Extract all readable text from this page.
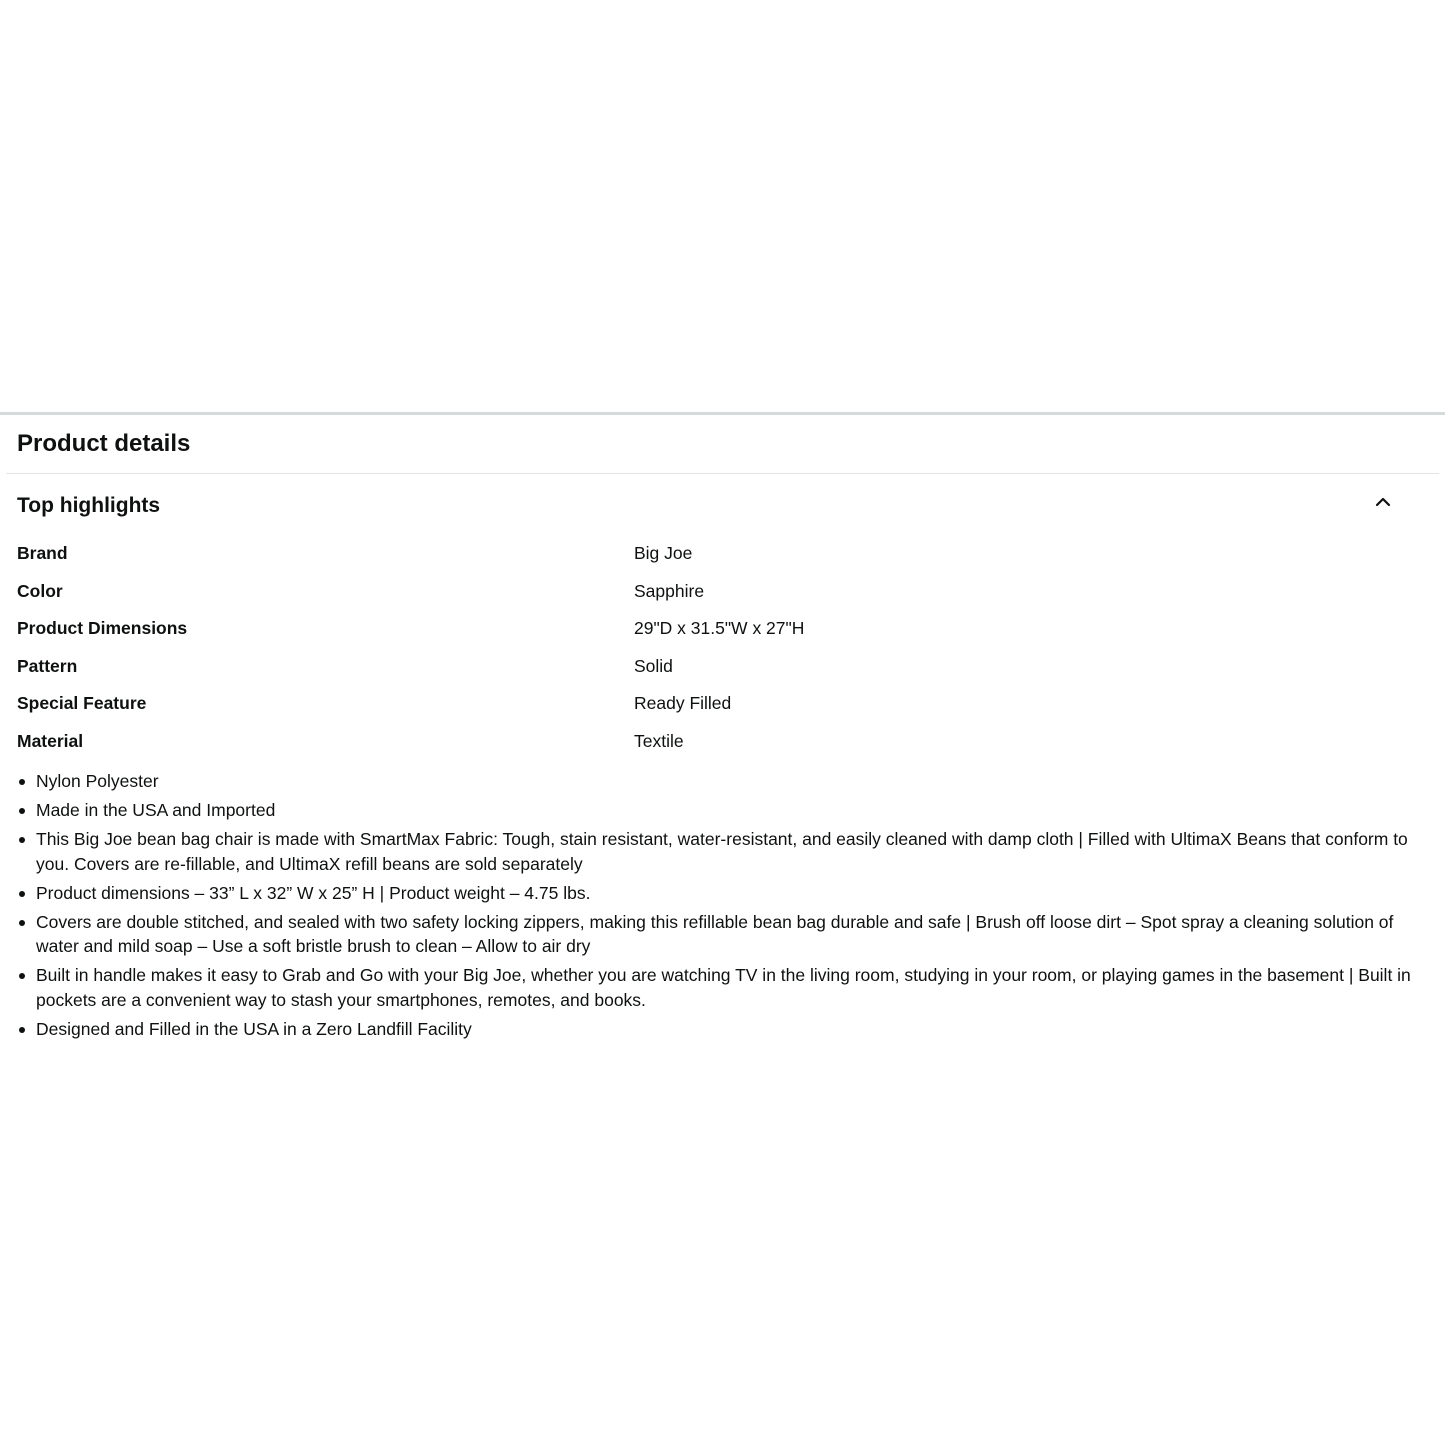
Product details
Top highlights
Brand	Big Joe
Color	Sapphire
Product Dimensions	29"D x 31.5"W x 27"H
Pattern	Solid
Special Feature	Ready Filled
Material	Textile
Nylon Polyester
Made in the USA and Imported
This Big Joe bean bag chair is made with SmartMax Fabric: Tough, stain resistant, water-resistant, and easily cleaned with damp cloth | Filled with UltimaX Beans that conform to you. Covers are re-fillable, and UltimaX refill beans are sold separately
Product dimensions – 33” L x 32” W x 25” H | Product weight – 4.75 lbs.
Covers are double stitched, and sealed with two safety locking zippers, making this refillable bean bag durable and safe | Brush off loose dirt – Spot spray a cleaning solution of water and mild soap – Use a soft bristle brush to clean – Allow to air dry
Built in handle makes it easy to Grab and Go with your Big Joe, whether you are watching TV in the living room, studying in your room, or playing games in the basement | Built in pockets are a convenient way to stash your smartphones, remotes, and books.
Designed and Filled in the USA in a Zero Landfill Facility
